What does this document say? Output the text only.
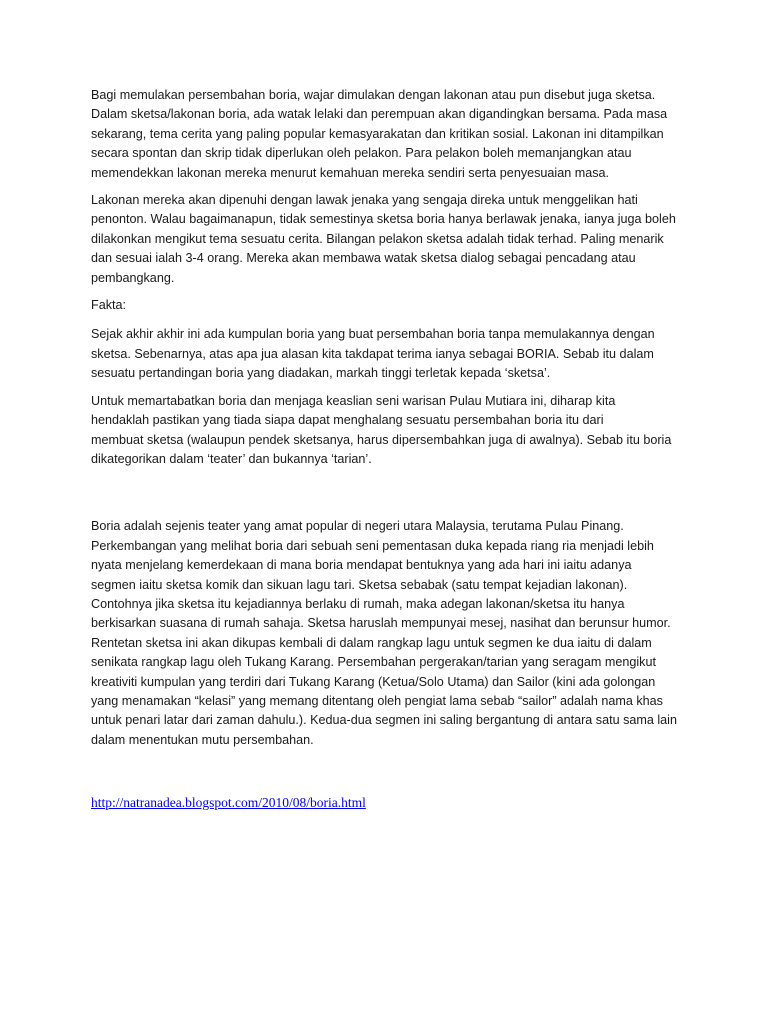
Bagi memulakan persembahan boria, wajar dimulakan dengan lakonan atau pun disebut juga sketsa.
Dalam sketsa/lakonan boria, ada watak lelaki dan perempuan akan digandingkan bersama. Pada masa
sekarang, tema cerita yang paling popular kemasyarakatan dan kritikan sosial. Lakonan ini ditampilkan
secara spontan dan skrip tidak diperlukan oleh pelakon. Para pelakon boleh memanjangkan atau
memendekkan lakonan mereka menurut kemahuan mereka sendiri serta penyesuaian masa.

Lakonan mereka akan dipenuhi dengan lawak jenaka yang sengaja direka untuk menggelikan hati
penonton. Walau bagaimanapun, tidak semestinya sketsa boria hanya berlawak jenaka, ianya juga boleh
dilakonkan mengikut tema sesuatu cerita. Bilangan pelakon sketsa adalah tidak terhad. Paling menarik
dan sesuai ialah 3-4 orang. Mereka akan membawa watak sketsa dialog sebagai pencadang atau
pembangkang.

Fakta:

Sejak akhir akhir ini ada kumpulan boria yang buat persembahan boria tanpa memulakannya dengan
sketsa. Sebenarnya, atas apa jua alasan kita takdapat terima ianya sebagai BORIA. Sebab itu dalam
sesuatu pertandingan boria yang diadakan, markah tinggi terletak kepada ‘sketsa’.

Untuk memartabatkan boria dan menjaga keaslian seni warisan Pulau Mutiara ini, diharap kita
hendaklah pastikan yang tiada siapa dapat menghalang sesuatu persembahan boria itu dari
membuat sketsa (walaupun pendek sketsanya, harus dipersembahkan juga di awalnya). Sebab itu boria
dikategorikan dalam ‘teater’ dan bukannya ‘tarian’.

Boria adalah sejenis teater yang amat popular di negeri utara Malaysia, terutama Pulau Pinang.
Perkembangan yang melihat boria dari sebuah seni pementasan duka kepada riang ria menjadi lebih
nyata menjelang kemerdekaan di mana boria mendapat bentuknya yang ada hari ini iaitu adanya
segmen iaitu sketsa komik dan sikuan lagu tari. Sketsa sebabak (satu tempat kejadian lakonan).
Contohnya jika sketsa itu kejadiannya berlaku di rumah, maka adegan lakonan/sketsa itu hanya
berkisarkan suasana di rumah sahaja. Sketsa haruslah mempunyai mesej, nasihat dan berunsur humor.
Rentetan sketsa ini akan dikupas kembali di dalam rangkap lagu untuk segmen ke dua iaitu di dalam
senikata rangkap lagu oleh Tukang Karang. Persembahan pergerakan/tarian yang seragam mengikut
kreativiti kumpulan yang terdiri dari Tukang Karang (Ketua/Solo Utama) dan Sailor (kini ada golongan
yang menamakan “kelasi” yang memang ditentang oleh pengiat lama sebab “sailor” adalah nama khas
untuk penari latar dari zaman dahulu.). Kedua-dua segmen ini saling bergantung di antara satu sama lain
dalam menentukan mutu persembahan.

http://natranadea.blogspot.com/2010/08/boria.html
